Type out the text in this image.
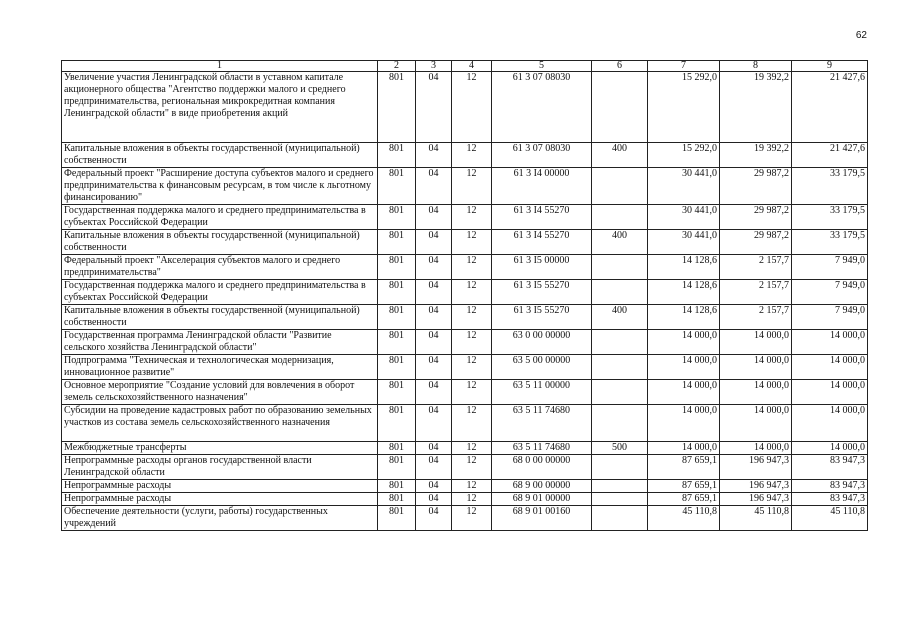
62
1	2	3	4	5	6	7	8	9
Увеличение участия Ленинградской области в уставном капитале акционерного общества "Агентство поддержки малого и среднего предпринимательства, региональная микрокредитная компания Ленинградской области" в виде приобретения акций	801	04	12	61 3 07 08030		15 292,0	19 392,2	21 427,6
Капитальные вложения в объекты государственной (муниципальной) собственности	801	04	12	61 3 07 08030	400	15 292,0	19 392,2	21 427,6
Федеральный проект "Расширение доступа субъектов малого и среднего предпринимательства к финансовым ресурсам, в том числе к льготному финансированию"	801	04	12	61 3 I4 00000		30 441,0	29 987,2	33 179,5
Государственная поддержка малого и среднего предпринимательства в субъектах Российской Федерации	801	04	12	61 3 I4 55270		30 441,0	29 987,2	33 179,5
Капитальные вложения в объекты государственной (муниципальной) собственности	801	04	12	61 3 I4 55270	400	30 441,0	29 987,2	33 179,5
Федеральный проект "Акселерация субъектов малого и среднего предпринимательства"	801	04	12	61 3 I5 00000		14 128,6	2 157,7	7 949,0
Государственная поддержка малого и среднего предпринимательства в субъектах Российской Федерации	801	04	12	61 3 I5 55270		14 128,6	2 157,7	7 949,0
Капитальные вложения в объекты государственной (муниципальной) собственности	801	04	12	61 3 I5 55270	400	14 128,6	2 157,7	7 949,0
Государственная программа Ленинградской области "Развитие сельского хозяйства Ленинградской области"	801	04	12	63 0 00 00000		14 000,0	14 000,0	14 000,0
Подпрограмма "Техническая и технологическая модернизация, инновационное развитие"	801	04	12	63 5 00 00000		14 000,0	14 000,0	14 000,0
Основное мероприятие "Создание условий для вовлечения в оборот земель сельскохозяйственного назначения"	801	04	12	63 5 11 00000		14 000,0	14 000,0	14 000,0
Субсидии на проведение кадастровых работ по образованию земельных участков из состава земель сельскохозяйственного назначения	801	04	12	63 5 11 74680		14 000,0	14 000,0	14 000,0
Межбюджетные трансферты	801	04	12	63 5 11 74680	500	14 000,0	14 000,0	14 000,0
Непрограммные расходы органов государственной власти Ленинградской области	801	04	12	68 0 00 00000		87 659,1	196 947,3	83 947,3
Непрограммные расходы	801	04	12	68 9 00 00000		87 659,1	196 947,3	83 947,3
Непрограммные расходы	801	04	12	68 9 01 00000		87 659,1	196 947,3	83 947,3
Обеспечение деятельности (услуги, работы) государственных учреждений	801	04	12	68 9 01 00160		45 110,8	45 110,8	45 110,8
